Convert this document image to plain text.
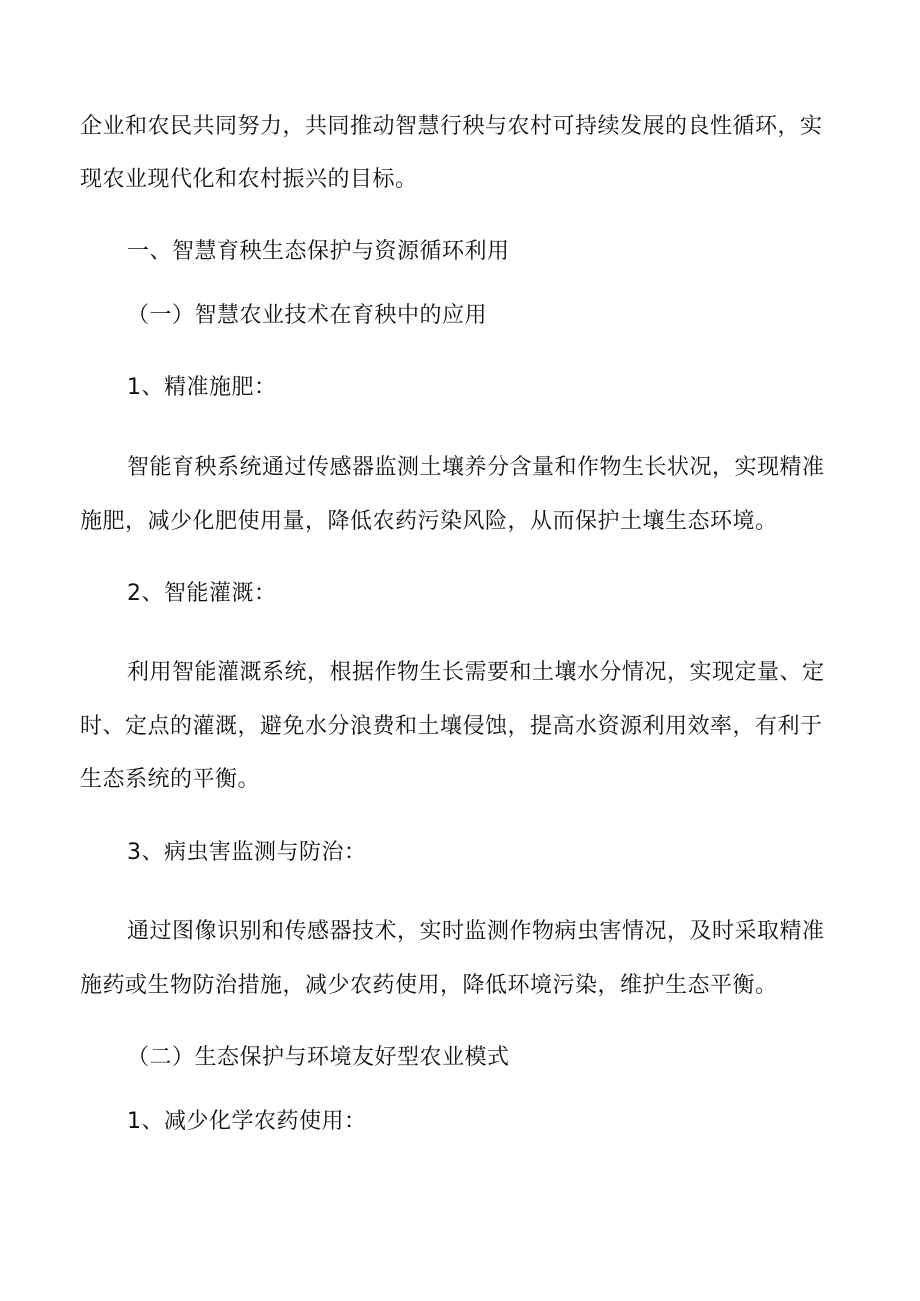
企业和农民共同努力，共同推动智慧行秧与农村可持续发展的良性循环，实
现农业现代化和农村振兴的目标。
一、智慧育秧生态保护与资源循环利用
（一）智慧农业技术在育秧中的应用
1、精准施肥：
智能育秧系统通过传感器监测土壤养分含量和作物生长状况，实现精准
施肥，减少化肥使用量，降低农药污染风险，从而保护土壤生态环境。
2、智能灌溉：
利用智能灌溉系统，根据作物生长需要和土壤水分情况，实现定量、定
时、定点的灌溉，避免水分浪费和土壤侵蚀，提高水资源利用效率，有利于
生态系统的平衡。
3、病虫害监测与防治：
通过图像识别和传感器技术，实时监测作物病虫害情况，及时采取精准
施药或生物防治措施，减少农药使用，降低环境污染，维护生态平衡。
（二）生态保护与环境友好型农业模式
1、减少化学农药使用：
